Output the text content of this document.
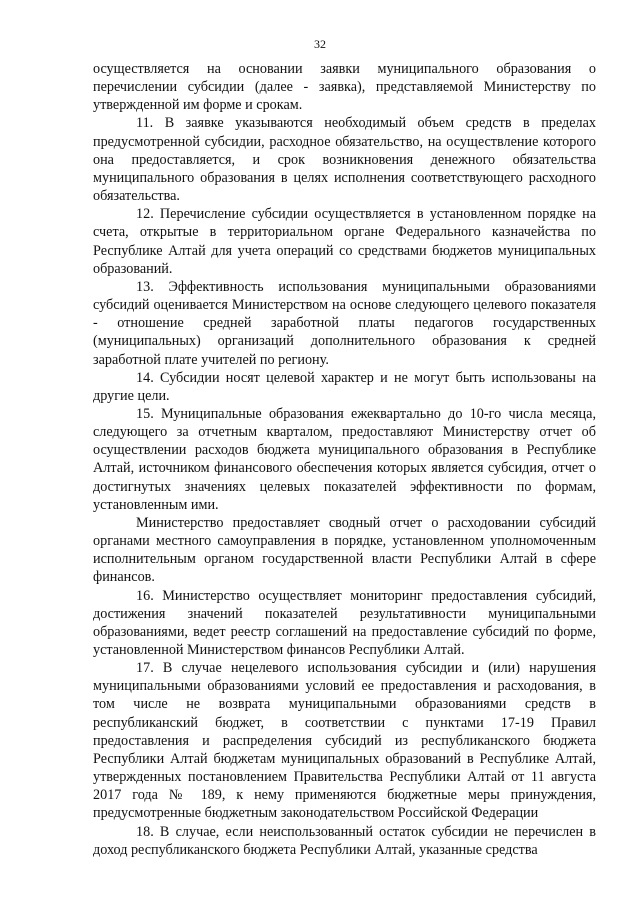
32

осуществляется на основании заявки муниципального образования о перечислении субсидии (далее - заявка), представляемой Министерству по утвержденной им форме и срокам.

11. В заявке указываются необходимый объем средств в пределах предусмотренной субсидии, расходное обязательство, на осуществление которого она предоставляется, и срок возникновения денежного обязательства муниципального образования в целях исполнения соответствующего расходного обязательства.

12. Перечисление субсидии осуществляется в установленном порядке на счета, открытые в территориальном органе Федерального казначейства по Республике Алтай для учета операций со средствами бюджетов муниципальных образований.

13. Эффективность использования муниципальными образованиями субсидий оценивается Министерством на основе следующего целевого показателя - отношение средней заработной платы педагогов государственных (муниципальных) организаций дополнительного образования к средней заработной плате учителей по региону.

14. Субсидии носят целевой характер и не могут быть использованы на другие цели.

15. Муниципальные образования ежеквартально до 10-го числа месяца, следующего за отчетным кварталом, предоставляют Министерству отчет об осуществлении расходов бюджета муниципального образования в Республике Алтай, источником финансового обеспечения которых является субсидия, отчет о достигнутых значениях целевых показателей эффективности по формам, установленным ими.

Министерство предоставляет сводный отчет о расходовании субсидий органами местного самоуправления в порядке, установленном уполномоченным исполнительным органом государственной власти Республики Алтай в сфере финансов.

16. Министерство осуществляет мониторинг предоставления субсидий, достижения значений показателей результативности муниципальными образованиями, ведет реестр соглашений на предоставление субсидий по форме, установленной Министерством финансов Республики Алтай.

17. В случае нецелевого использования субсидии и (или) нарушения муниципальными образованиями условий ее предоставления и расходования, в том числе не возврата муниципальными образованиями средств в республиканский бюджет, в соответствии с пунктами 17-19 Правил предоставления и распределения субсидий из республиканского бюджета Республики Алтай бюджетам муниципальных образований в Республике Алтай, утвержденных постановлением Правительства Республики Алтай от 11 августа 2017 года № 189, к нему применяются бюджетные меры принуждения, предусмотренные бюджетным законодательством Российской Федерации

18. В случае, если неиспользованный остаток субсидии не перечислен в доход республиканского бюджета Республики Алтай, указанные средства
